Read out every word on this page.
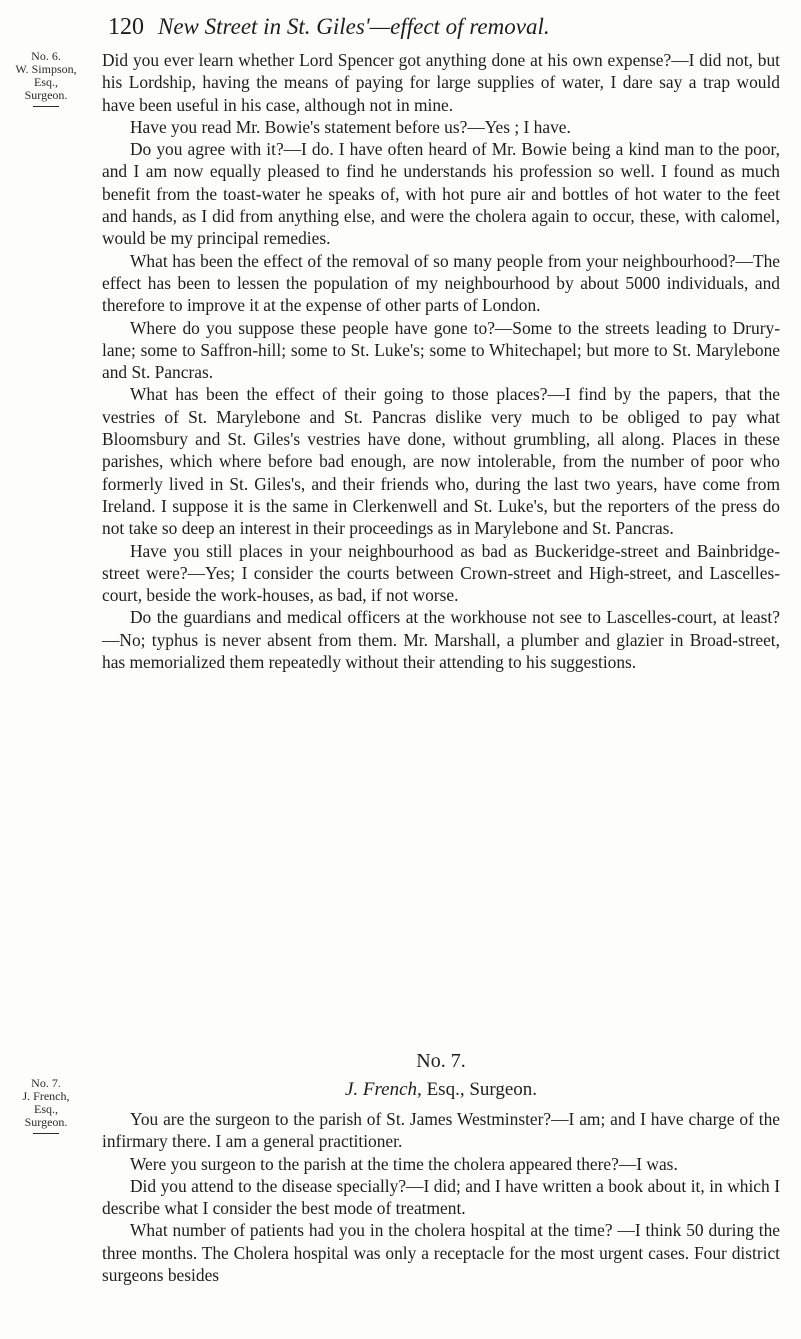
120 New Street in St. Giles'—effect of removal.
No. 6.
W. Simpson,
Esq.,
Surgeon.

Did you ever learn whether Lord Spencer got anything done at his own expense?—I did not, but his Lordship, having the means of paying for large supplies of water, I dare say a trap would have been useful in his case, although not in mine.

Have you read Mr. Bowie's statement before us?—Yes ; I have.

Do you agree with it?—I do. I have often heard of Mr. Bowie being a kind man to the poor, and I am now equally pleased to find he understands his profession so well. I found as much benefit from the toast-water he speaks of, with hot pure air and bottles of hot water to the feet and hands, as I did from anything else, and were the cholera again to occur, these, with calomel, would be my principal remedies.

What has been the effect of the removal of so many people from your neighbourhood?—The effect has been to lessen the population of my neighbourhood by about 5000 individuals, and therefore to improve it at the expense of other parts of London.

Where do you suppose these people have gone to?—Some to the streets leading to Drury-lane; some to Saffron-hill; some to St. Luke's; some to Whitechapel; but more to St. Marylebone and St. Pancras.

What has been the effect of their going to those places?—I find by the papers, that the vestries of St. Marylebone and St. Pancras dislike very much to be obliged to pay what Bloomsbury and St. Giles's vestries have done, without grumbling, all along. Places in these parishes, which where before bad enough, are now intolerable, from the number of poor who formerly lived in St. Giles's, and their friends who, during the last two years, have come from Ireland. I suppose it is the same in Clerkenwell and St. Luke's, but the reporters of the press do not take so deep an interest in their proceedings as in Marylebone and St. Pancras.

Have you still places in your neighbourhood as bad as Buckeridge-street and Bainbridge-street were?—Yes; I consider the courts between Crown-street and High-street, and Lascelles-court, beside the work-houses, as bad, if not worse.

Do the guardians and medical officers at the workhouse not see to Lascelles-court, at least?—No; typhus is never absent from them. Mr. Marshall, a plumber and glazier in Broad-street, has memorialized them repeatedly without their attending to his suggestions.

No. 7.
No. 7.
J. French,
Esq.,
Surgeon.
J. French, Esq., Surgeon.

You are the surgeon to the parish of St. James Westminster?—I am; and I have charge of the infirmary there. I am a general practitioner.

Were you surgeon to the parish at the time the cholera appeared there?—I was.

Did you attend to the disease specially?—I did; and I have written a book about it, in which I describe what I consider the best mode of treatment.

What number of patients had you in the cholera hospital at the time? —I think 50 during the three months. The Cholera hospital was only a receptacle for the most urgent cases. Four district surgeons besides
